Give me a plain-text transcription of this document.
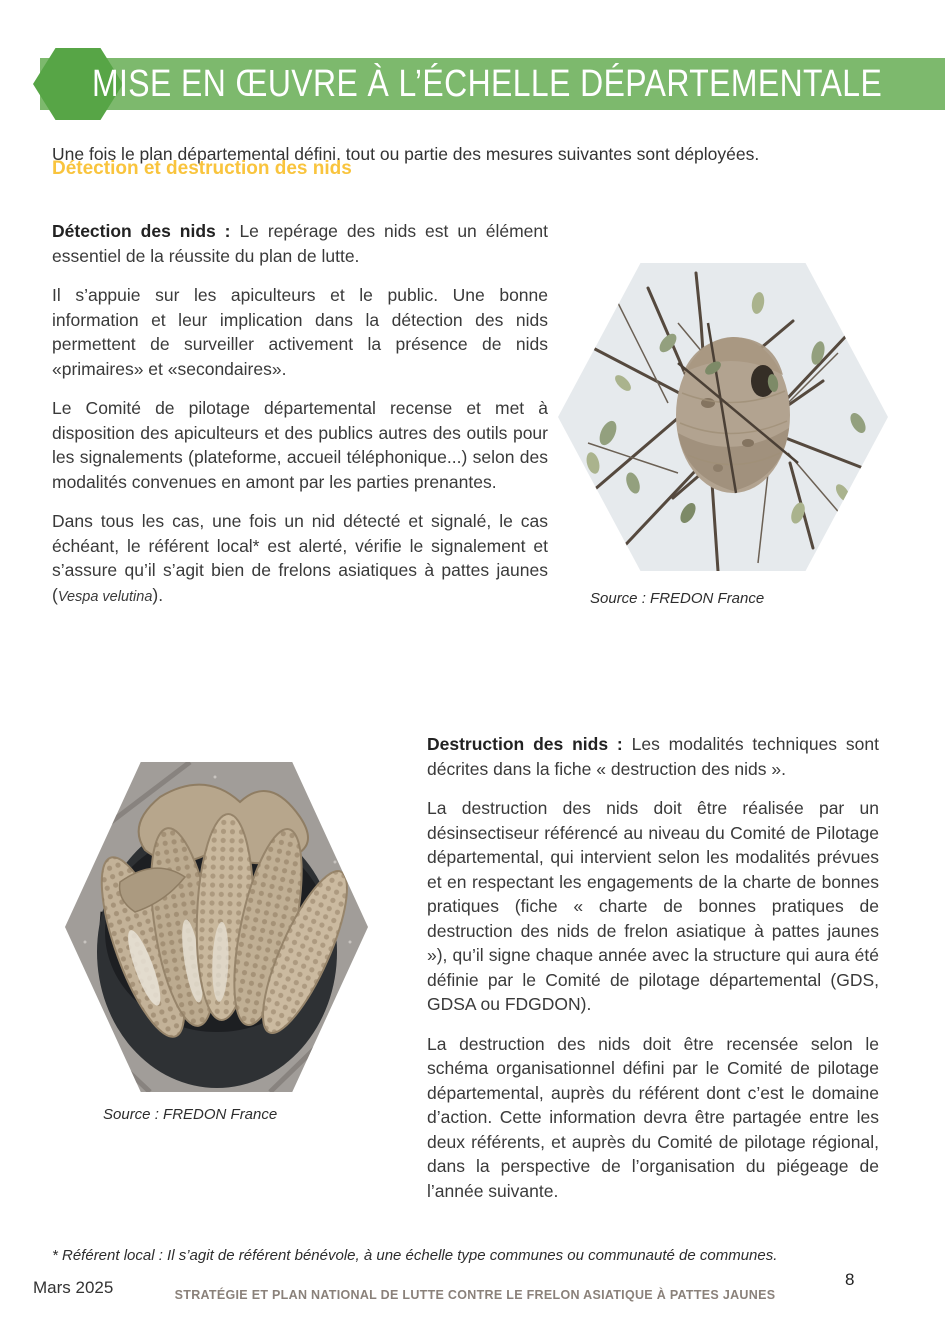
MISE EN ŒUVRE À L’ÉCHELLE DÉPARTEMENTALE

Une fois le plan départemental défini, tout ou partie des mesures suivantes sont déployées.

Détection et destruction des nids

Détection des nids : Le repérage des nids est un élément essentiel de la réussite du plan de lutte.

Il s’appuie sur les apiculteurs et le public. Une bonne information et leur implication dans la détection des nids permettent de surveiller activement la présence de nids «primaires» et «secondaires».

Le Comité de pilotage départemental recense et met à disposition des apiculteurs et des publics autres des outils pour les signalements (plateforme, accueil téléphonique...) selon des modalités convenues en amont par les parties prenantes.

Dans tous les cas, une fois un nid détecté et signalé, le cas échéant, le référent local* est alerté, vérifie le signalement et s’assure qu’il s’agit bien de frelons asiatiques à pattes jaunes (Vespa velutina).	Source : FREDON France

Destruction des nids : Les modalités techniques sont décrites dans la fiche « destruction des nids ».

La destruction des nids doit être réalisée par un désinsectiseur référencé au niveau du Comité de Pilotage départemental, qui intervient selon les modalités prévues et en respectant les engagements de la charte de bonnes pratiques (fiche « charte de bonnes pratiques de destruction des nids de frelon asiatique à pattes jaunes »), qu’il signe chaque année avec la structure qui aura été définie par le Comité de pilotage départemental (GDS, GDSA ou FDGDON).

La destruction des nids doit être recensée selon le schéma organisationnel défini par le Comité de pilotage départemental, auprès du référent dont c’est le domaine d’action. Cette information devra être partagée entre les deux référents, et auprès du Comité de pilotage régional, dans la perspective de l’organisation du piégeage de l’année suivante.

Source : FREDON France
* Référent local : Il s’agit de référent bénévole, à une échelle type communes ou communauté de communes.
Mars 2025	STRATÉGIE ET PLAN NATIONAL DE LUTTE CONTRE LE FRELON ASIATIQUE À PATTES JAUNES
8
